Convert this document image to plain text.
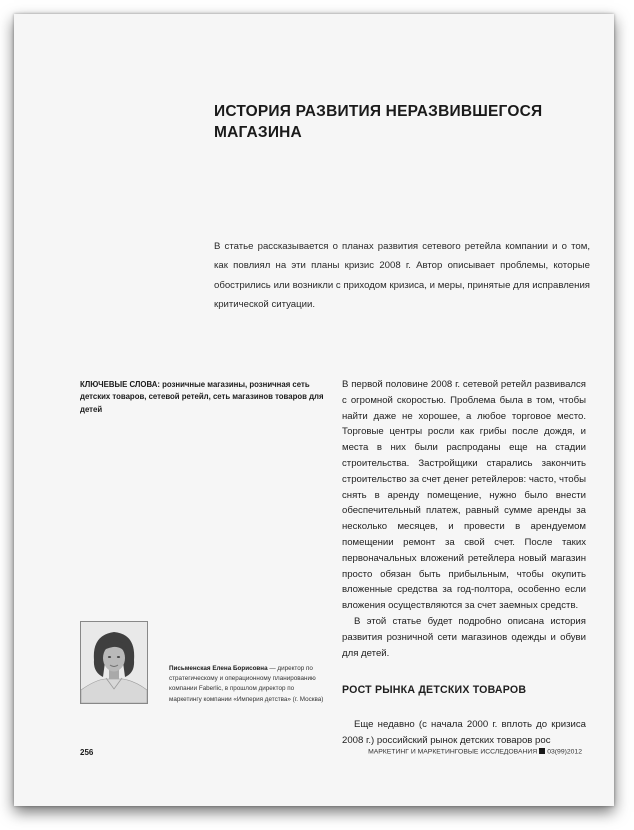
ИСТОРИЯ РАЗВИТИЯ НЕРАЗВИВШЕГОСЯ МАГАЗИНА

В статье рассказывается о планах развития сетевого ретейла компании и о том, как повлиял на эти планы кризис 2008 г. Автор описывает проблемы, которые обострились или возникли с приходом кризиса, и меры, принятые для исправления критической ситуации.

КЛЮЧЕВЫЕ СЛОВА: розничные магазины, розничная сеть детских товаров, сетевой ретейл, сеть магазинов товаров для детей

В первой половине 2008 г. сетевой ретейл развивался с огромной скоростью. Проблема была в том, чтобы найти даже не хорошее, а любое торговое место. Торговые центры росли как грибы после дождя, и места в них были распроданы еще на стадии строительства. Застройщики старались закончить строительство за счет денег ретейлеров: часто, чтобы снять в аренду помещение, нужно было внести обеспечительный платеж, равный сумме аренды за несколько месяцев, и провести в арендуемом помещении ремонт за свой счет. После таких первоначальных вложений ретейлера новый магазин просто обязан быть прибыльным, чтобы окупить вложенные средства за год-полтора, особенно если вложения осуществляются за счет заемных средств.

В этой статье будет подробно описана история развития розничной сети магазинов одежды и обуви для детей.

РОСТ РЫНКА ДЕТСКИХ ТОВАРОВ

Еще недавно (с начала 2000 г. вплоть до кризиса 2008 г.) российский рынок детских товаров рос

Письменская Елена Борисовна — директор по стратегическому и операционному планированию компании Faberlic, в прошлом директор по маркетингу компании «Империя детства» (г. Москва)

256	МАРКЕТИНГ И МАРКЕТИНГОВЫЕ ИССЛЕДОВАНИЯ 03(99)2012
